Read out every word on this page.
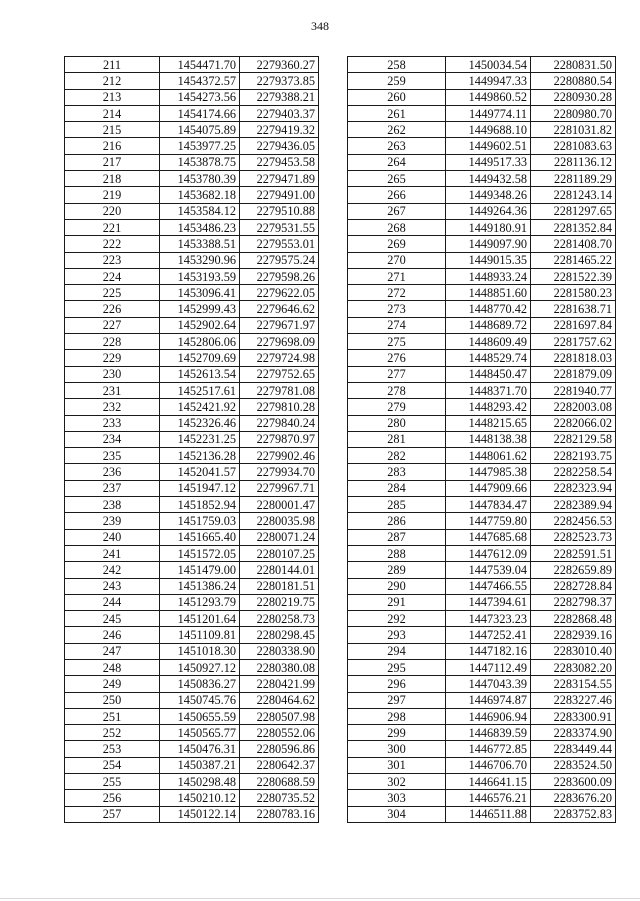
348
211	1454471.70	2279360.27
212	1454372.57	2279373.85
213	1454273.56	2279388.21
214	1454174.66	2279403.37
215	1454075.89	2279419.32
216	1453977.25	2279436.05
217	1453878.75	2279453.58
218	1453780.39	2279471.89
219	1453682.18	2279491.00
220	1453584.12	2279510.88
221	1453486.23	2279531.55
222	1453388.51	2279553.01
223	1453290.96	2279575.24
224	1453193.59	2279598.26
225	1453096.41	2279622.05
226	1452999.43	2279646.62
227	1452902.64	2279671.97
228	1452806.06	2279698.09
229	1452709.69	2279724.98
230	1452613.54	2279752.65
231	1452517.61	2279781.08
232	1452421.92	2279810.28
233	1452326.46	2279840.24
234	1452231.25	2279870.97
235	1452136.28	2279902.46
236	1452041.57	2279934.70
237	1451947.12	2279967.71
238	1451852.94	2280001.47
239	1451759.03	2280035.98
240	1451665.40	2280071.24
241	1451572.05	2280107.25
242	1451479.00	2280144.01
243	1451386.24	2280181.51
244	1451293.79	2280219.75
245	1451201.64	2280258.73
246	1451109.81	2280298.45
247	1451018.30	2280338.90
248	1450927.12	2280380.08
249	1450836.27	2280421.99
250	1450745.76	2280464.62
251	1450655.59	2280507.98
252	1450565.77	2280552.06
253	1450476.31	2280596.86
254	1450387.21	2280642.37
255	1450298.48	2280688.59
256	1450210.12	2280735.52
257	1450122.14	2280783.16
258	1450034.54	2280831.50
259	1449947.33	2280880.54
260	1449860.52	2280930.28
261	1449774.11	2280980.70
262	1449688.10	2281031.82
263	1449602.51	2281083.63
264	1449517.33	2281136.12
265	1449432.58	2281189.29
266	1449348.26	2281243.14
267	1449264.36	2281297.65
268	1449180.91	2281352.84
269	1449097.90	2281408.70
270	1449015.35	2281465.22
271	1448933.24	2281522.39
272	1448851.60	2281580.23
273	1448770.42	2281638.71
274	1448689.72	2281697.84
275	1448609.49	2281757.62
276	1448529.74	2281818.03
277	1448450.47	2281879.09
278	1448371.70	2281940.77
279	1448293.42	2282003.08
280	1448215.65	2282066.02
281	1448138.38	2282129.58
282	1448061.62	2282193.75
283	1447985.38	2282258.54
284	1447909.66	2282323.94
285	1447834.47	2282389.94
286	1447759.80	2282456.53
287	1447685.68	2282523.73
288	1447612.09	2282591.51
289	1447539.04	2282659.89
290	1447466.55	2282728.84
291	1447394.61	2282798.37
292	1447323.23	2282868.48
293	1447252.41	2282939.16
294	1447182.16	2283010.40
295	1447112.49	2283082.20
296	1447043.39	2283154.55
297	1446974.87	2283227.46
298	1446906.94	2283300.91
299	1446839.59	2283374.90
300	1446772.85	2283449.44
301	1446706.70	2283524.50
302	1446641.15	2283600.09
303	1446576.21	2283676.20
304	1446511.88	2283752.83
